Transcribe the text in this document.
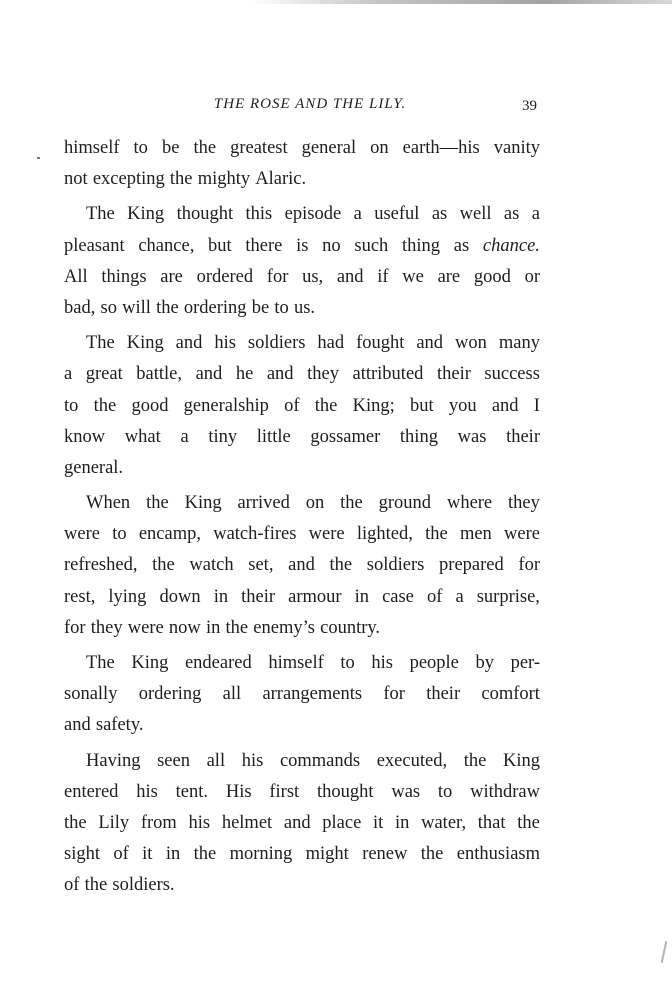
THE ROSE AND THE LILY.	39
himself to be the greatest general on earth—his vanity
not excepting the mighty Alaric.
The King thought this episode a useful as well as a
pleasant chance, but there is no such thing as chance.
All things are ordered for us, and if we are good or
bad, so will the ordering be to us.
The King and his soldiers had fought and won many
a great battle, and he and they attributed their success
to the good generalship of the King; but you and I
know what a tiny little gossamer thing was their
general.
When the King arrived on the ground where they
were to encamp, watch-fires were lighted, the men were
refreshed, the watch set, and the soldiers prepared for
rest, lying down in their armour in case of a surprise,
for they were now in the enemy’s country.
The King endeared himself to his people by per-
sonally ordering all arrangements for their comfort
and safety.
Having seen all his commands executed, the King
entered his tent. His first thought was to withdraw
the Lily from his helmet and place it in water, that the
sight of it in the morning might renew the enthusiasm
of the soldiers.
